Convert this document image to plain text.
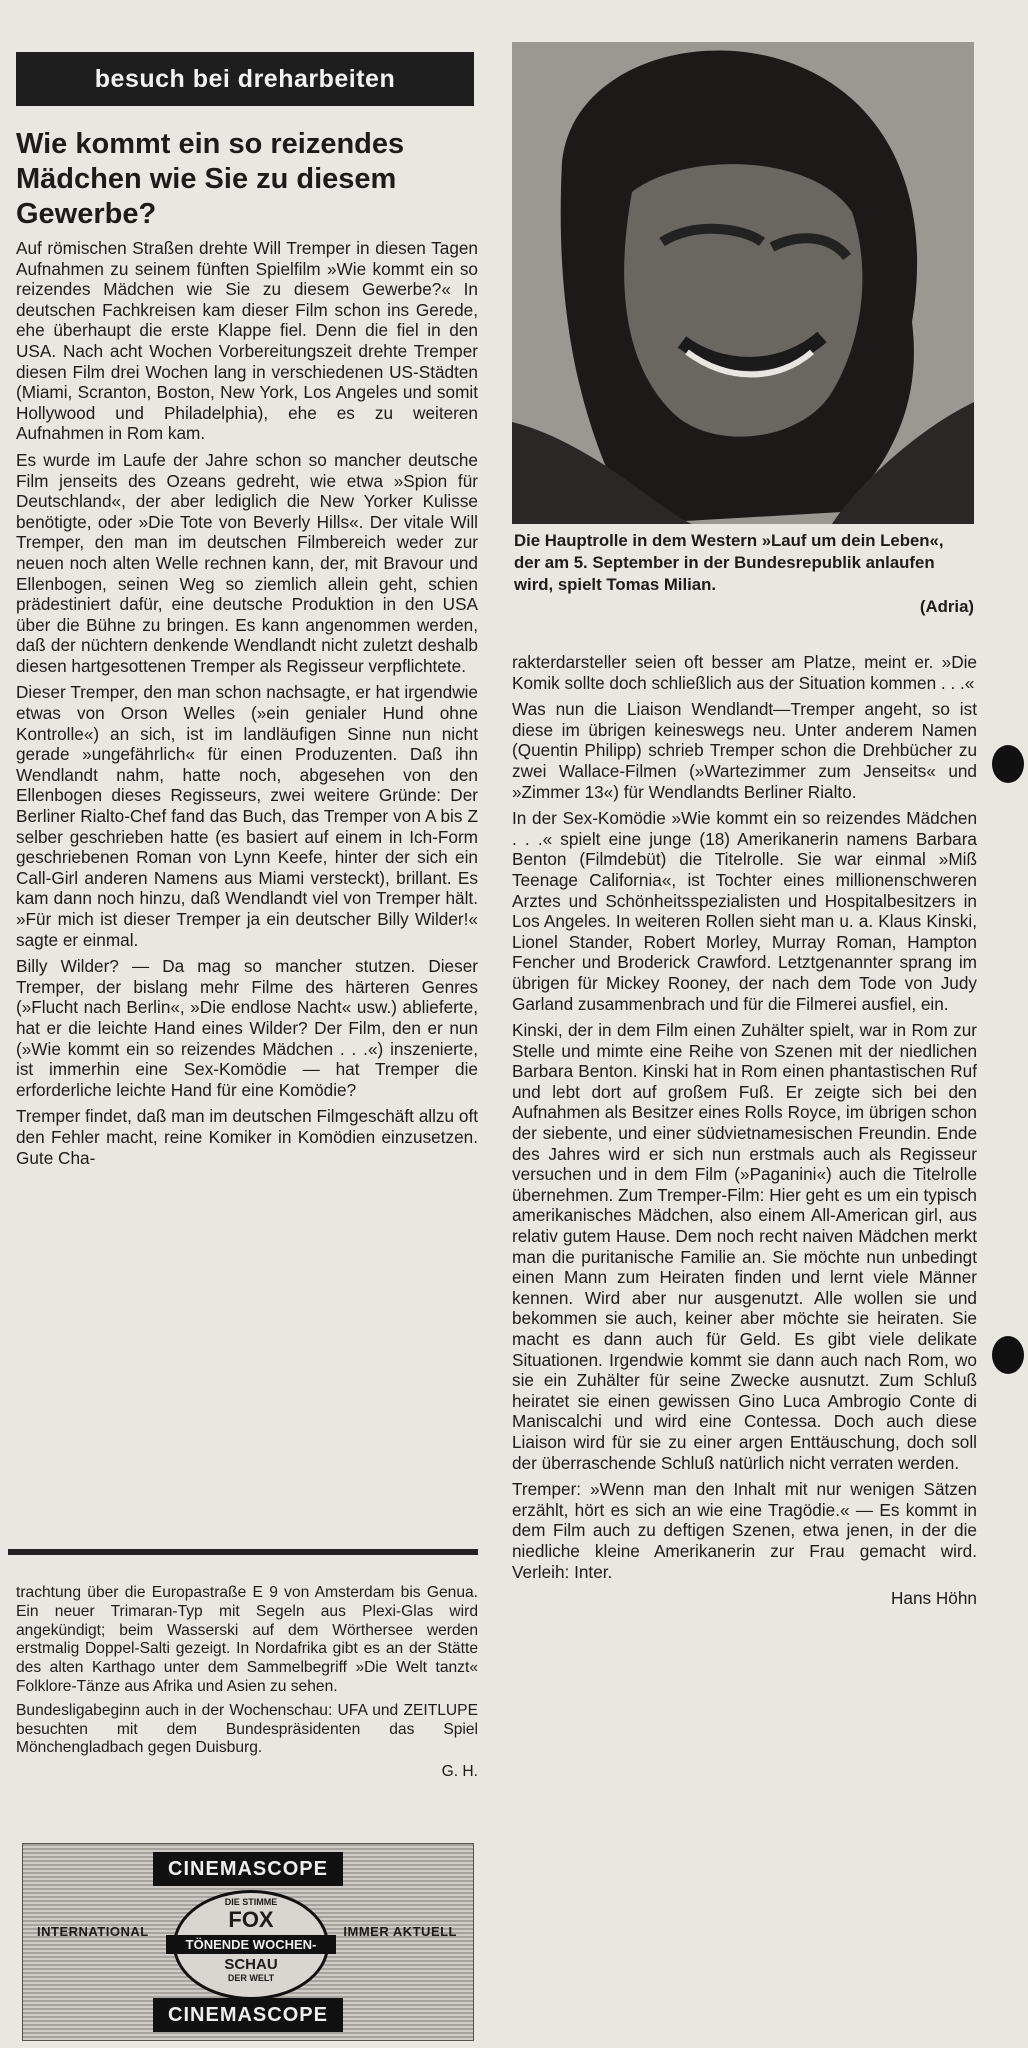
besuch bei dreharbeiten
Wie kommt ein so reizendes Mädchen wie Sie zu diesem Gewerbe?

Auf römischen Straßen drehte Will Tremper in diesen Tagen Aufnahmen zu seinem fünften Spielfilm »Wie kommt ein so reizendes Mädchen wie Sie zu diesem Gewerbe?« In deutschen Fachkreisen kam dieser Film schon ins Gerede, ehe überhaupt die erste Klappe fiel. Denn die fiel in den USA. Nach acht Wochen Vorbereitungszeit drehte Tremper diesen Film drei Wochen lang in verschiedenen US-Städten (Miami, Scranton, Boston, New York, Los Angeles und somit Hollywood und Philadelphia), ehe es zu weiteren Aufnahmen in Rom kam.

Es wurde im Laufe der Jahre schon so mancher deutsche Film jenseits des Ozeans gedreht, wie etwa »Spion für Deutschland«, der aber lediglich die New Yorker Kulisse benötigte, oder »Die Tote von Beverly Hills«. Der vitale Will Tremper, den man im deutschen Filmbereich weder zur neuen noch alten Welle rechnen kann, der, mit Bravour und Ellenbogen, seinen Weg so ziemlich allein geht, schien prädestiniert dafür, eine deutsche Produktion in den USA über die Bühne zu bringen. Es kann angenommen werden, daß der nüchtern denkende Wendlandt nicht zuletzt deshalb diesen hartgesottenen Tremper als Regisseur verpflichtete.

Dieser Tremper, den man schon nachsagte, er hat irgendwie etwas von Orson Welles (»ein genialer Hund ohne Kontrolle«) an sich, ist im landläufigen Sinne nun nicht gerade »ungefährlich« für einen Produzenten. Daß ihn Wendlandt nahm, hatte noch, abgesehen von den Ellenbogen dieses Regisseurs, zwei weitere Gründe: Der Berliner Rialto-Chef fand das Buch, das Tremper von A bis Z selber geschrieben hatte (es basiert auf einem in Ich-Form geschriebenen Roman von Lynn Keefe, hinter der sich ein Call-Girl anderen Namens aus Miami versteckt), brillant. Es kam dann noch hinzu, daß Wendlandt viel von Tremper hält. »Für mich ist dieser Tremper ja ein deutscher Billy Wilder!« sagte er einmal.

Billy Wilder? — Da mag so mancher stutzen. Dieser Tremper, der bislang mehr Filme des härteren Genres (»Flucht nach Berlin«, »Die endlose Nacht« usw.) ablieferte, hat er die leichte Hand eines Wilder? Der Film, den er nun (»Wie kommt ein so reizendes Mädchen . . .«) inszenierte, ist immerhin eine Sex-Komödie — hat Tremper die erforderliche leichte Hand für eine Komödie?

Tremper findet, daß man im deutschen Filmgeschäft allzu oft den Fehler macht, reine Komiker in Komödien einzusetzen. Gute Cha-

trachtung über die Europastraße E 9 von Amsterdam bis Genua. Ein neuer Trimaran-Typ mit Segeln aus Plexi-Glas wird angekündigt; beim Wasserski auf dem Wörthersee werden erstmalig Doppel-Salti gezeigt. In Nordafrika gibt es an der Stätte des alten Karthago unter dem Sammelbegriff »Die Welt tanzt« Folklore-Tänze aus Afrika und Asien zu sehen.

Bundesligabeginn auch in der Wochenschau: UFA und ZEITLUPE besuchten mit dem Bundespräsidenten das Spiel Mönchengladbach gegen Duisburg.

G. H.

CINEMASCOPE
INTERNATIONAL
DIE STIMME
FOX
TÖNENDE WOCHEN-
SCHAU
DER WELT
IMMER AKTUELL
CINEMASCOPE

Die Hauptrolle in dem Western »Lauf um dein Leben«, der am 5. September in der Bundesrepublik anlaufen wird, spielt Tomas Milian.
(Adria)

rakterdarsteller seien oft besser am Platze, meint er. »Die Komik sollte doch schließlich aus der Situation kommen . . .«

Was nun die Liaison Wendlandt—Tremper angeht, so ist diese im übrigen keineswegs neu. Unter anderem Namen (Quentin Philipp) schrieb Tremper schon die Drehbücher zu zwei Wallace-Filmen (»Wartezimmer zum Jenseits« und »Zimmer 13«) für Wendlandts Berliner Rialto.

In der Sex-Komödie »Wie kommt ein so reizendes Mädchen . . .« spielt eine junge (18) Amerikanerin namens Barbara Benton (Filmdebüt) die Titelrolle. Sie war einmal »Miß Teenage California«, ist Tochter eines millionenschweren Arztes und Schönheitsspezialisten und Hospitalbesitzers in Los Angeles. In weiteren Rollen sieht man u. a. Klaus Kinski, Lionel Stander, Robert Morley, Murray Roman, Hampton Fencher und Broderick Crawford. Letztgenannter sprang im übrigen für Mickey Rooney, der nach dem Tode von Judy Garland zusammenbrach und für die Filmerei ausfiel, ein.

Kinski, der in dem Film einen Zuhälter spielt, war in Rom zur Stelle und mimte eine Reihe von Szenen mit der niedlichen Barbara Benton. Kinski hat in Rom einen phantastischen Ruf und lebt dort auf großem Fuß. Er zeigte sich bei den Aufnahmen als Besitzer eines Rolls Royce, im übrigen schon der siebente, und einer südvietnamesischen Freundin. Ende des Jahres wird er sich nun erstmals auch als Regisseur versuchen und in dem Film (»Paganini«) auch die Titelrolle übernehmen. Zum Tremper-Film: Hier geht es um ein typisch amerikanisches Mädchen, also einem All-American girl, aus relativ gutem Hause. Dem noch recht naiven Mädchen merkt man die puritanische Familie an. Sie möchte nun unbedingt einen Mann zum Heiraten finden und lernt viele Männer kennen. Wird aber nur ausgenutzt. Alle wollen sie und bekommen sie auch, keiner aber möchte sie heiraten. Sie macht es dann auch für Geld. Es gibt viele delikate Situationen. Irgendwie kommt sie dann auch nach Rom, wo sie ein Zuhälter für seine Zwecke ausnutzt. Zum Schluß heiratet sie einen gewissen Gino Luca Ambrogio Conte di Maniscalchi und wird eine Contessa. Doch auch diese Liaison wird für sie zu einer argen Enttäuschung, doch soll der überraschende Schluß natürlich nicht verraten werden.

Tremper: »Wenn man den Inhalt mit nur wenigen Sätzen erzählt, hört es sich an wie eine Tragödie.« — Es kommt in dem Film auch zu deftigen Szenen, etwa jenen, in der die niedliche kleine Amerikanerin zur Frau gemacht wird. Verleih: Inter.

Hans Höhn
